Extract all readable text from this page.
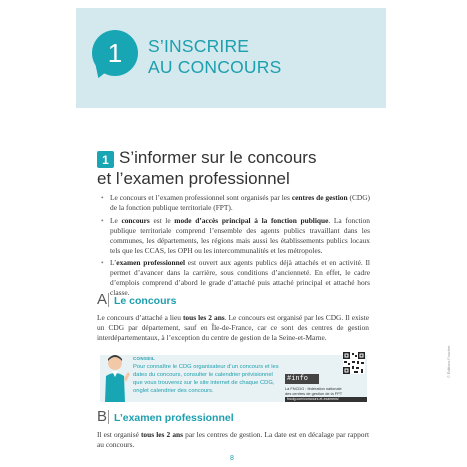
1 S’INSCRIRE
AU CONCOURS
S’informer sur le concours
et l’examen professionnel
1
• Le concours et l’examen professionnel sont organisés par les centres de gestion (CDG) de la fonction publique territoriale (FPT).
• Le concours est le mode d’accès principal à la fonction publique. La fonction publique territoriale comprend l’ensemble des agents publics travaillant dans les communes, les départements, les régions mais aussi les établissements publics locaux tels que les CCAS, les OPH ou les intercommunalités et les métropoles.
• L’examen professionnel est ouvert aux agents publics déjà attachés et en activité. Il permet d’avancer dans la carrière, sous conditions d’ancienneté. En effet, le cadre d’emplois comprend d’abord le grade d’attaché puis attaché principal et attaché hors classe.
A Le concours

Le concours d’attaché a lieu tous les 2 ans. Le concours est organisé par les CDG. Il existe un CDG par département, sauf en Île-de-France, car ce sont des centres de gestion interdépartementaux, à l’exception du centre de gestion de la Seine-et-Marne.

CONSEIL

Pour connaître le CDG organisateur d’un concours et les dates du concours, consulter le calendrier prévisionnel que vous trouverez sur le site internet de chaque CDG, onglet calendrier des concours.

#info

La FNCDG : fédération nationale des centres de gestion de la FPT

fncdg.com/concours-et-examens/
B L’examen professionnel

Il est organisé tous les 2 ans par les centres de gestion. La date est en décalage par rapport au concours.

© Éditions Foucher
8
